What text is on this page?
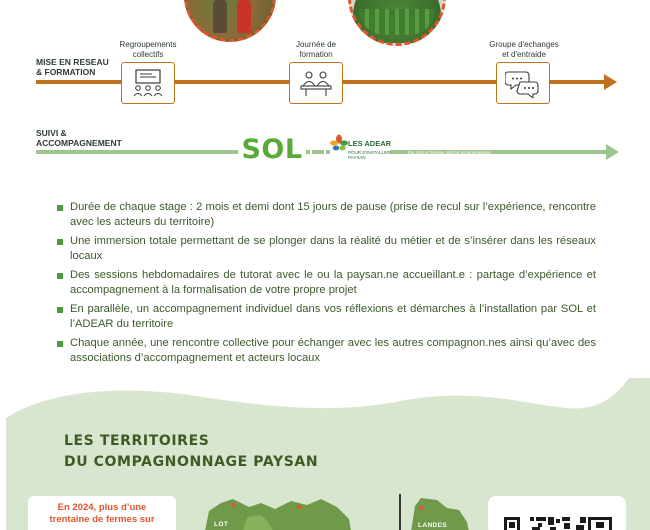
MISE EN RESEAU
& FORMATION
Regroupements
collectifs
Journée de
formation
Groupe d'echanges
et d'entraide
SUIVI &
ACCOMPAGNEMENT	SOL	LES ADEAR
POUR S'INSTALLER
PAYSAN
Par SOL et l'réseau ADEAR départementaux
Durée de chaque stage : 2 mois et demi dont 15 jours de pause (prise de recul sur l’expérience, rencontre avec les acteurs du territoire)
Une immersion totale permettant de se plonger dans la réalité du métier et de s’insérer dans les réseaux locaux
Des sessions hebdomadaires de tutorat avec le ou la paysan.ne accueillant.e : partage d’expérience et accompagnement à la formalisation de votre propre projet
En parallèle, un accompagnement individuel dans vos réflexions et démarches à l’installation par SOL et l’ADEAR du territoire
Chaque année, une rencontre collective pour échanger avec les autres compagnon.nes ainsi qu’avec des associations d’accompagnement et acteurs locaux
LES TERRITOIRES
DU COMPAGNONNAGE PAYSAN
En 2024, plus d’une
trentaine de fermes sur	LOT	LANDES
